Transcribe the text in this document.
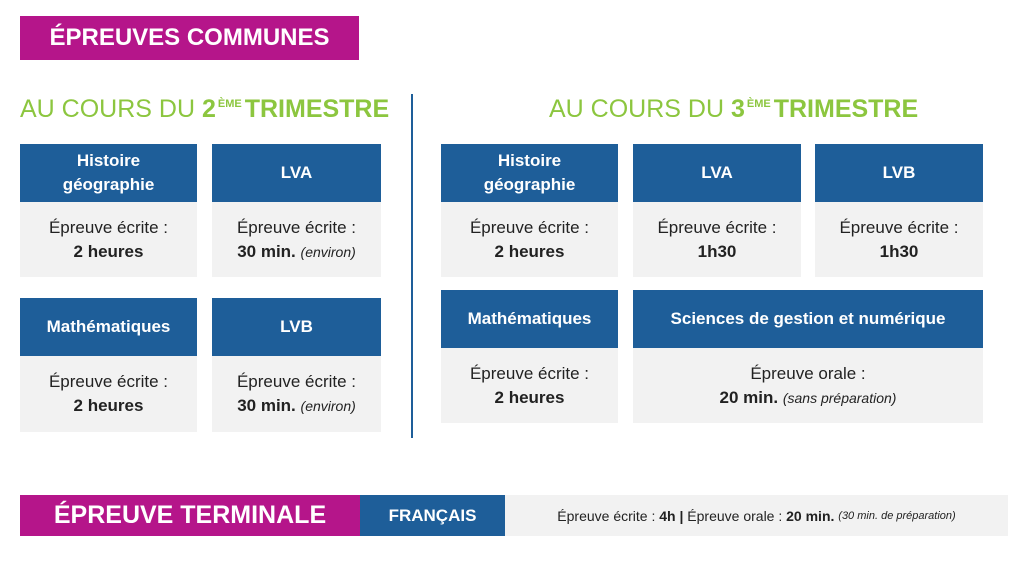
ÉPREUVES COMMUNES
AU COURS DU 2 $^{ÈME}$ TRIMESTRE	AU COURS DU 3 $^{ÈME}$ TRIMESTRE
Histoire
géographie
Épreuve écrite :
2 heures
LVA
Épreuve écrite :
30 min. (environ)
Mathématiques
Épreuve écrite :
2 heures
LVB
Épreuve écrite :
30 min. (environ)
Histoire
géographie
Épreuve écrite :
2 heures
LVA
Épreuve écrite :
1h30
LVB
Épreuve écrite :
1h30
Mathématiques
Épreuve écrite :
2 heures
Sciences de gestion et numérique
Épreuve orale :
20 min. (sans préparation)
ÉPREUVE TERMINALE	FRANÇAIS	Épreuve écrite :
4h
|
Épreuve orale :
20 min.
(30 min. de préparation)
